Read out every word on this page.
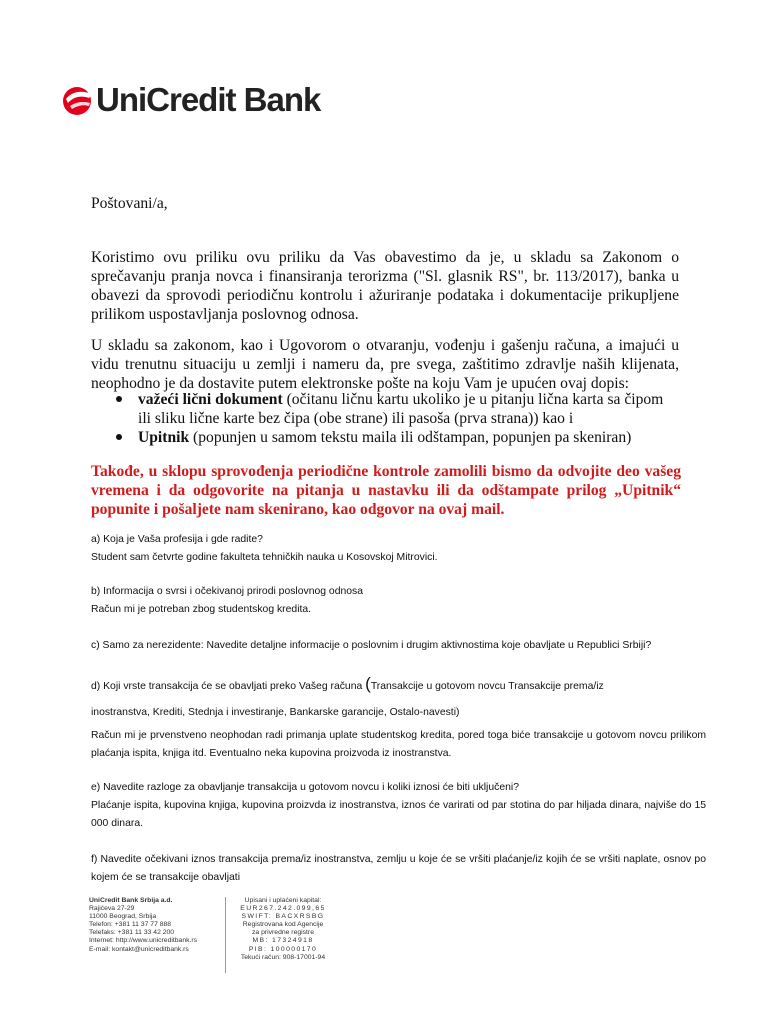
UniCredit Bank
Poštovani/a,
Koristimo ovu priliku ovu priliku da Vas obavestimo da je, u skladu sa Zakonom o sprečavanju pranja novca i finansiranja terorizma ("Sl. glasnik RS", br. 113/2017), banka u obavezi da sprovodi periodičnu kontrolu i ažuriranje podataka i dokumentacije prikupljene prilikom uspostavljanja poslovnog odnosa.
U skladu sa zakonom, kao i Ugovorom o otvaranju, vođenju i gašenju računa, a imajući u vidu trenutnu situaciju u zemlji i nameru da, pre svega, zaštitimo zdravlje naših klijenata, neophodno je da dostavite putem elektronske pošte na koju Vam je upućen ovaj dopis:
važeći lični dokument (očitanu ličnu kartu ukoliko je u pitanju lična karta sa čipom ili sliku lične karte bez čipa (obe strane) ili pasoša (prva strana)) kao i
Upitnik (popunjen u samom tekstu maila ili odštampan, popunjen pa skeniran)
Takođe, u sklopu sprovođenja periodične kontrole zamolili bismo da odvojite deo vašeg vremena i da odgovorite na pitanja u nastavku ili da odštampate prilog „Upitnik“ popunite i pošaljete nam skenirano, kao odgovor na ovaj mail.
a) Koja je Vaša profesija i gde radite?
Student sam četvrte godine fakulteta tehničkih nauka u Kosovskoj Mitrovici.
b) Informacija o svrsi i očekivanoj prirodi poslovnog odnosa
Račun mi je potreban zbog studentskog kredita.
c) Samo za nerezidente: Navedite detaljne informacije o poslovnim i drugim aktivnostima koje obavljate u Republici Srbiji?
d) Koji vrste transakcija će se obavljati preko Vašeg računa (Transakcije u gotovom novcu Transakcije prema/iz
inostranstva, Krediti, Stednja i investiranje, Bankarske garancije, Ostalo-navesti)
Račun mi je prvenstveno neophodan radi primanja uplate studentskog kredita, pored toga biće transakcije u gotovom novcu prilikom plaćanja ispita, knjiga itd. Eventualno neka kupovina proizvoda iz inostranstva.
e) Navedite razloge za obavljanje transakcija u gotovom novcu i koliki iznosi će biti uključeni?
Plaćanje ispita, kupovina knjiga, kupovina proizvda iz inostranstva, iznos će varirati od par stotina do par hiljada dinara, najviše do 15 000 dinara.
f) Navedite očekivani iznos transakcija prema/iz inostranstva, zemlju u koje će se vršiti plaćanje/iz kojih će se vršiti naplate, osnov po kojem će se transakcije obavljati
UniCredit Bank Srbija a.d.
Rajićeva 27-29
11000 Beograd, Srbija
Telefon: +381 11 37 77 888
Telefaks: +381 11 33 42 200
Internet: http://www.unicreditbank.rs
E-mail: kontakt@unicreditbank.rs
Upisani i uplaćeni kapital:
EUR267.242.099,65
SWIFT: BACXRSBG
Registrovana kod Agencije
za privredne registre
MB: 17324918
PIB: 100000170
Tekući račun: 908-17001-94
